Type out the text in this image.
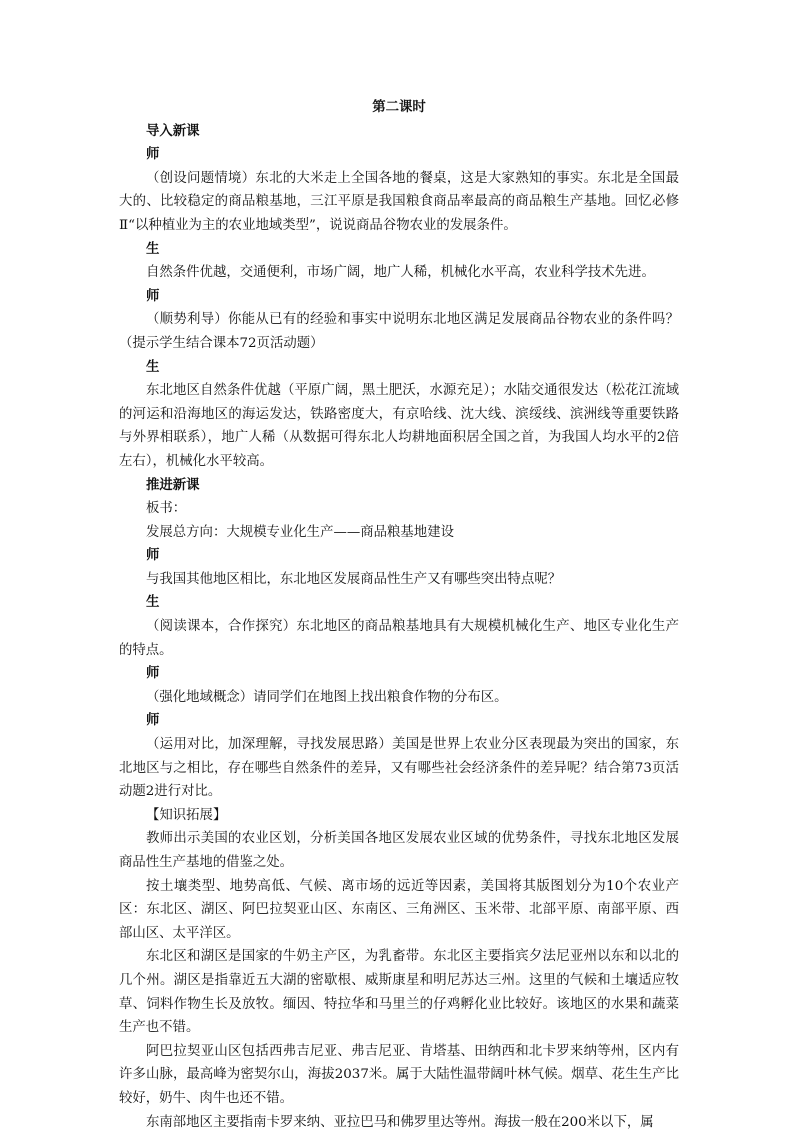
第二课时
导入新课
师
（创设问题情境）东北的大米走上全国各地的餐桌，这是大家熟知的事实。东北是全国最大的、比较稳定的商品粮基地，三江平原是我国粮食商品率最高的商品粮生产基地。回忆必修Ⅱ“以种植业为主的农业地域类型”，说说商品谷物农业的发展条件。
生
自然条件优越，交通便利，市场广阔，地广人稀，机械化水平高，农业科学技术先进。
师
（顺势利导）你能从已有的经验和事实中说明东北地区满足发展商品谷物农业的条件吗？（提示学生结合课本72页活动题）
生
东北地区自然条件优越（平原广阔，黑土肥沃，水源充足）；水陆交通很发达（松花江流域的河运和沿海地区的海运发达，铁路密度大，有京哈线、沈大线、滨绥线、滨洲线等重要铁路与外界相联系），地广人稀（从数据可得东北人均耕地面积居全国之首，为我国人均水平的2倍左右），机械化水平较高。
推进新课
板书：
发展总方向：大规模专业化生产——商品粮基地建设
师
与我国其他地区相比，东北地区发展商品性生产又有哪些突出特点呢？
生
（阅读课本，合作探究）东北地区的商品粮基地具有大规模机械化生产、地区专业化生产的特点。
师
（强化地域概念）请同学们在地图上找出粮食作物的分布区。
师
（运用对比，加深理解，寻找发展思路）美国是世界上农业分区表现最为突出的国家，东北地区与之相比，存在哪些自然条件的差异，又有哪些社会经济条件的差异呢？结合第73页活动题2进行对比。
【知识拓展】
教师出示美国的农业区划，分析美国各地区发展农业区域的优势条件，寻找东北地区发展商品性生产基地的借鉴之处。
按土壤类型、地势高低、气候、离市场的远近等因素，美国将其版图划分为10个农业产区：东北区、湖区、阿巴拉契亚山区、东南区、三角洲区、玉米带、北部平原、南部平原、西部山区、太平洋区。
东北区和湖区是国家的牛奶主产区，为乳畜带。东北区主要指宾夕法尼亚州以东和以北的几个州。湖区是指靠近五大湖的密歇根、威斯康星和明尼苏达三州。这里的气候和土壤适应牧草、饲料作物生长及放牧。缅因、特拉华和马里兰的仔鸡孵化业比较好。该地区的水果和蔬菜生产也不错。
阿巴拉契亚山区包括西弗吉尼亚、弗吉尼亚、肯塔基、田纳西和北卡罗来纳等州，区内有许多山脉，最高峰为密契尔山，海拔2037米。属于大陆性温带阔叶林气候。烟草、花生生产比较好，奶牛、肉牛也还不错。
东南部地区主要指南卡罗来纳、亚拉巴马和佛罗里达等州。海拔一般在200米以下，属
